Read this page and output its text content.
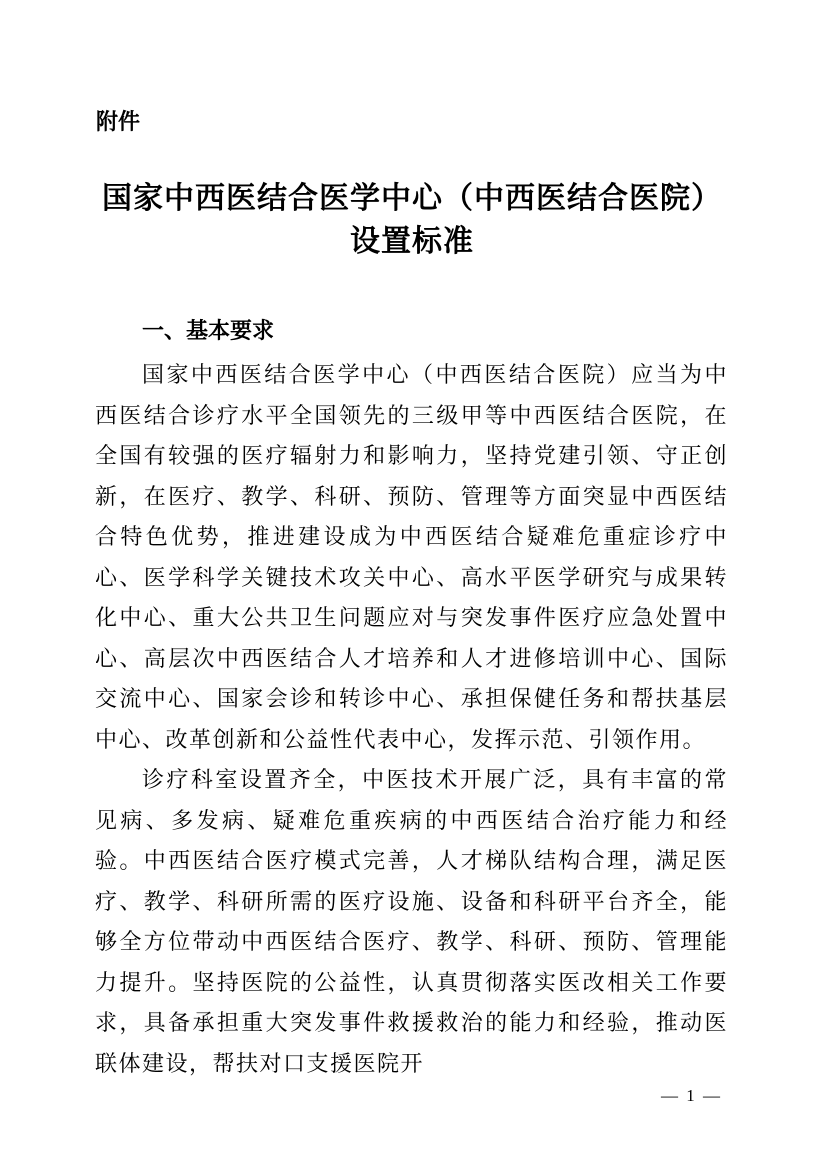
附件
国家中西医结合医学中心（中西医结合医院）
设置标准
一、基本要求

国家中西医结合医学中心（中西医结合医院）应当为中西医结合诊疗水平全国领先的三级甲等中西医结合医院，在全国有较强的医疗辐射力和影响力，坚持党建引领、守正创新，在医疗、教学、科研、预防、管理等方面突显中西医结合特色优势，推进建设成为中西医结合疑难危重症诊疗中心、医学科学关键技术攻关中心、高水平医学研究与成果转化中心、重大公共卫生问题应对与突发事件医疗应急处置中心、高层次中西医结合人才培养和人才进修培训中心、国际交流中心、国家会诊和转诊中心、承担保健任务和帮扶基层中心、改革创新和公益性代表中心，发挥示范、引领作用。

诊疗科室设置齐全，中医技术开展广泛，具有丰富的常见病、多发病、疑难危重疾病的中西医结合治疗能力和经验。中西医结合医疗模式完善，人才梯队结构合理，满足医疗、教学、科研所需的医疗设施、设备和科研平台齐全，能够全方位带动中西医结合医疗、教学、科研、预防、管理能力提升。坚持医院的公益性，认真贯彻落实医改相关工作要求，具备承担重大突发事件救援救治的能力和经验，推动医联体建设，帮扶对口支援医院开

— 1 —
